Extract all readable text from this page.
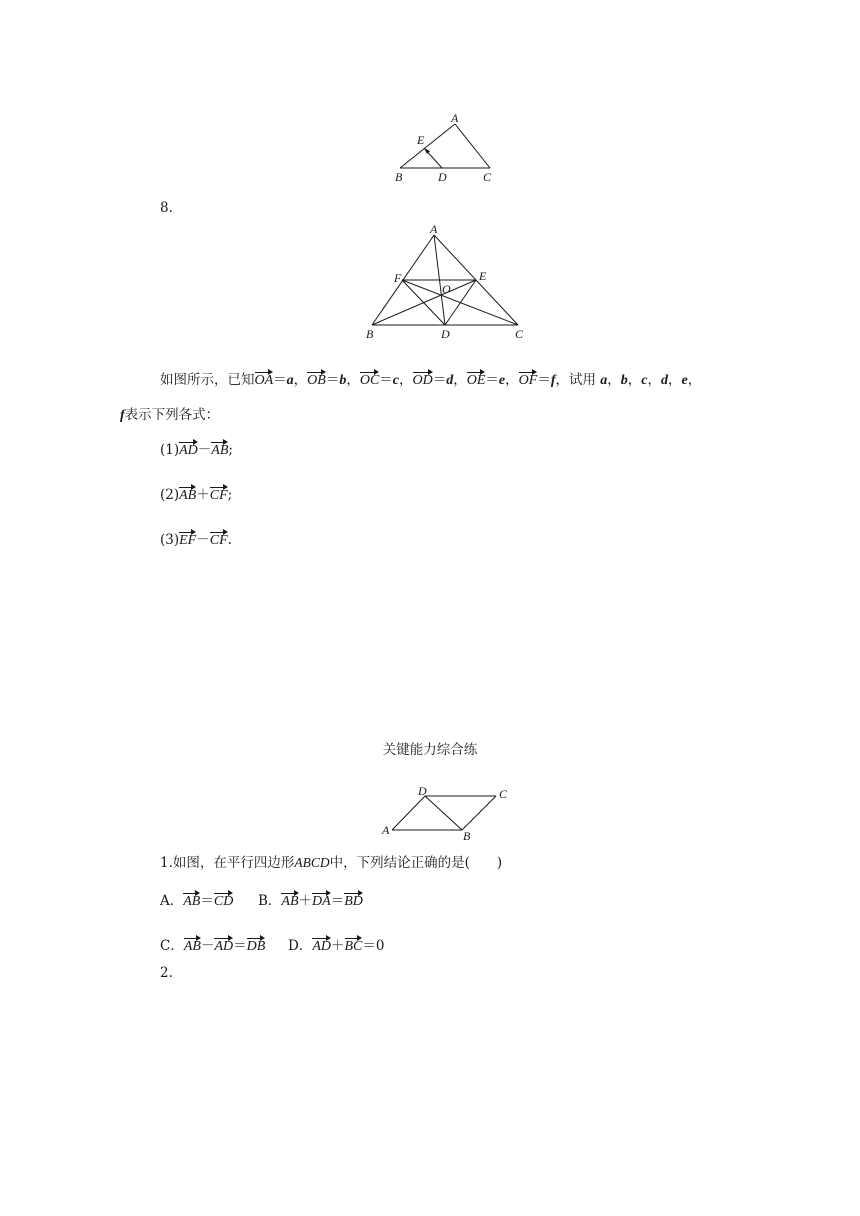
A
E
B	D	C
8.
A
F	E
O
B	D	C
如图所示，已知OA＝a，OB＝b，OC＝c，OD＝d，OE＝e，OF＝f，试用 a，b，c，d，e，
f表示下列各式：
(1)AD－AB;
(2)AB＋CF;
(3)EF－CF.
关键能力综合练
D	C
A	B
1.如图，在平行四边形ABCD中，下列结论正确的是(　　)
A．AB＝CD B．AB＋DA＝BD
C．AB－AD＝DB D．AD＋BC＝0
2.
